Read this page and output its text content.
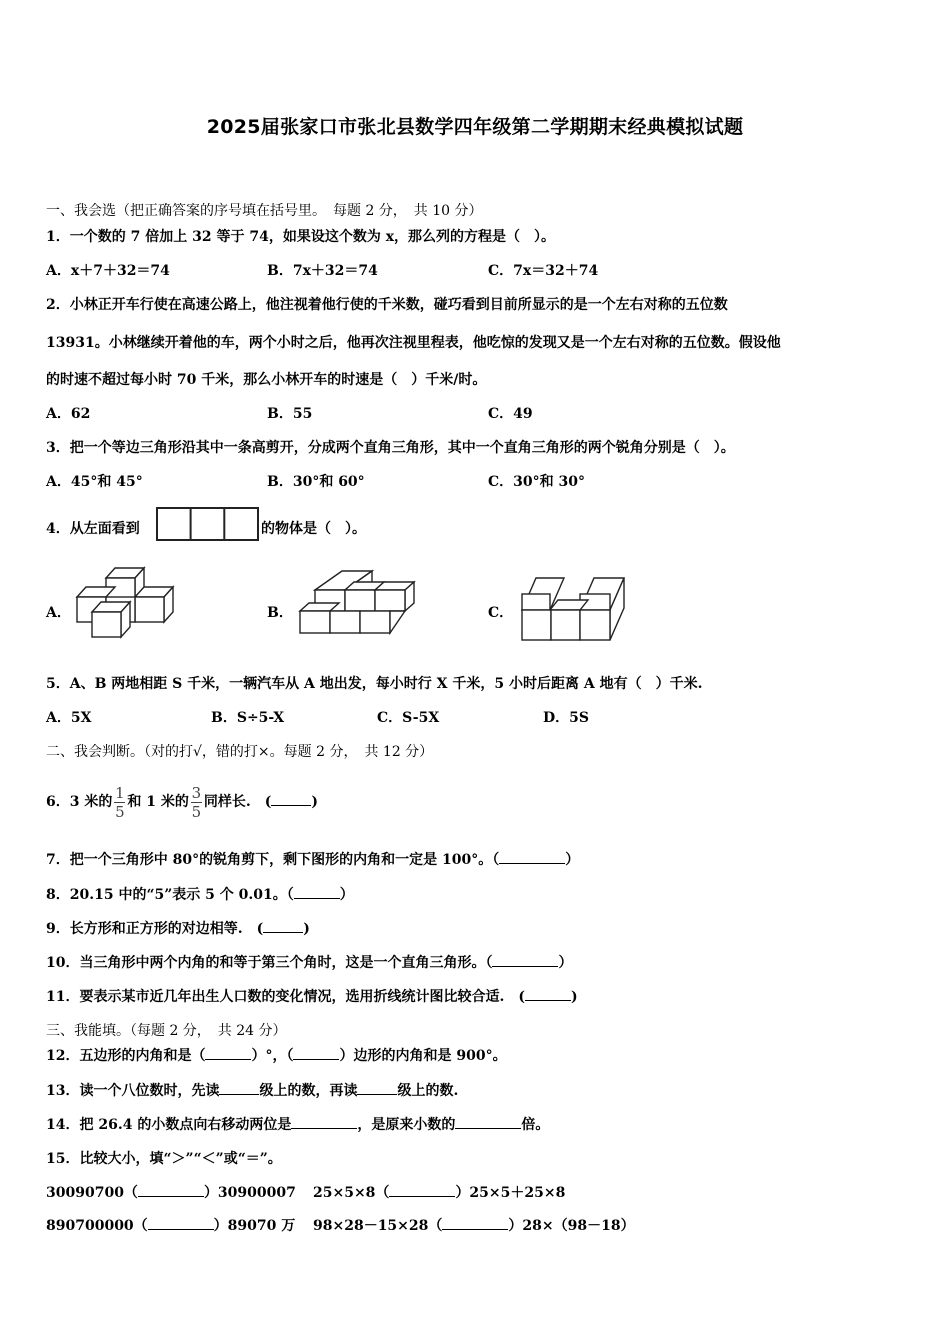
2025届张家口市张北县数学四年级第二学期期末经典模拟试题
一、我会选（把正确答案的序号填在括号里。　每题 2 分，　共 10 分）
1．一个数的 7 倍加上 32 等于 74，如果设这个数为 x，那么列的方程是（　）。
A．x＋7＋32＝74	B．7x＋32＝74	C．7x＝32＋74
2．小林正开车行使在高速公路上，他注视着他行使的千米数，碰巧看到目前所显示的是一个左右对称的五位数
13931。小林继续开着他的车，两个小时之后，他再次注视里程表，他吃惊的发现又是一个左右对称的五位数。假设他
的时速不超过每小时 70 千米，那么小林开车的时速是（　）千米/时。
A．62	B．55	C．49
3．把一个等边三角形沿其中一条高剪开，分成两个直角三角形，其中一个直角三角形的两个锐角分别是（　）。
A．45°和 45°	B．30°和 60°	C．30°和 30°
4．从左面看到	的物体是（　）。
A．	B．	C．
5．A、B 两地相距 S 千米，一辆汽车从 A 地出发，每小时行 X 千米，5 小时后距离 A 地有（　）千米.
A．5X	B．S÷5-X	C．S-5X	D．5S
二、我会判断。（对的打√，错的打×。每题 2 分，　共 12 分）
6．3 米的 $\frac{1}{5}$ 和 1 米的 $\frac{3}{5}$ 同样长.　(	)
7．把一个三角形中 80°的锐角剪下，剩下图形的内角和一定是 100°。（	）
8．20.15 中的“5”表示 5 个 0.01。（	）
9．长方形和正方形的对边相等.　(	)
10．当三角形中两个内角的和等于第三个角时，这是一个直角三角形。（	）
11．要表示某市近几年出生人口数的变化情况，选用折线统计图比较合适.　(	)
三、我能填。（每题 2 分，　共 24 分）
12．五边形的内角和是（	）°，（	）边形的内角和是 900°。
13．读一个八位数时，先读	级上的数，再读	级上的数.
14．把 26.4 的小数点向右移动两位是	，是原来小数的	倍。
15．比较大小，填“＞”“＜”或“＝”。
30090700（	）30900007 25×5×8（	）25×5＋25×8
890700000（	）89070 万 98×28－15×28（	）28×（98－18）
